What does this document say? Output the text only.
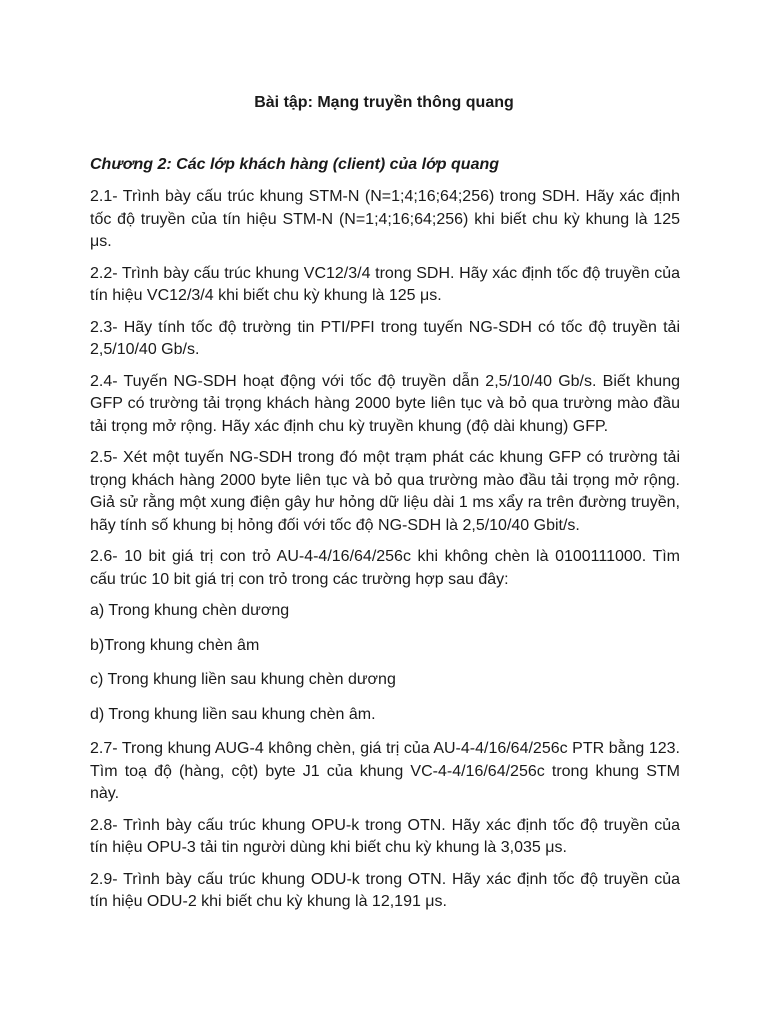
Bài tập: Mạng truyền thông quang
Chương 2: Các lớp khách hàng (client) của lớp quang

2.1- Trình bày cấu trúc khung STM-N (N=1;4;16;64;256) trong SDH. Hãy xác định tốc độ truyền của tín hiệu STM-N (N=1;4;16;64;256) khi biết chu kỳ khung là 125 μs.

2.2- Trình bày cấu trúc khung VC12/3/4 trong SDH. Hãy xác định tốc độ truyền của tín hiệu VC12/3/4 khi biết chu kỳ khung là 125 μs.

2.3- Hãy tính tốc độ trường tin PTI/PFI trong tuyến NG-SDH có tốc độ truyền tải 2,5/10/40 Gb/s.

2.4- Tuyến NG-SDH hoạt động với tốc độ truyền dẫn 2,5/10/40 Gb/s. Biết khung GFP có trường tải trọng khách hàng 2000 byte liên tục và bỏ qua trường mào đầu tải trọng mở rộng. Hãy xác định chu kỳ truyền khung (độ dài khung) GFP.

2.5- Xét một tuyến NG-SDH trong đó một trạm phát các khung GFP có trường tải trọng khách hàng 2000 byte liên tục và bỏ qua trường mào đầu tải trọng mở rộng. Giả sử rằng một xung điện gây hư hỏng dữ liệu dài 1 ms xẩy ra trên đường truyền, hãy tính số khung bị hỏng đối với tốc độ NG-SDH là 2,5/10/40 Gbit/s.

2.6- 10 bit giá trị con trỏ AU-4-4/16/64/256c khi không chèn là 0100111000. Tìm cấu trúc 10 bit giá trị con trỏ trong các trường hợp sau đây:

a) Trong khung chèn dương

b)Trong khung chèn âm

c) Trong khung liền sau khung chèn dương

d) Trong khung liền sau khung chèn âm.

2.7- Trong khung AUG-4 không chèn, giá trị của AU-4-4/16/64/256c PTR bằng 123. Tìm toạ độ (hàng, cột) byte J1 của khung VC-4-4/16/64/256c trong khung STM này.

2.8- Trình bày cấu trúc khung OPU-k trong OTN. Hãy xác định tốc độ truyền của tín hiệu OPU-3 tải tin người dùng khi biết chu kỳ khung là 3,035 μs.

2.9- Trình bày cấu trúc khung ODU-k trong OTN. Hãy xác định tốc độ truyền của tín hiệu ODU-2 khi biết chu kỳ khung là 12,191 μs.
